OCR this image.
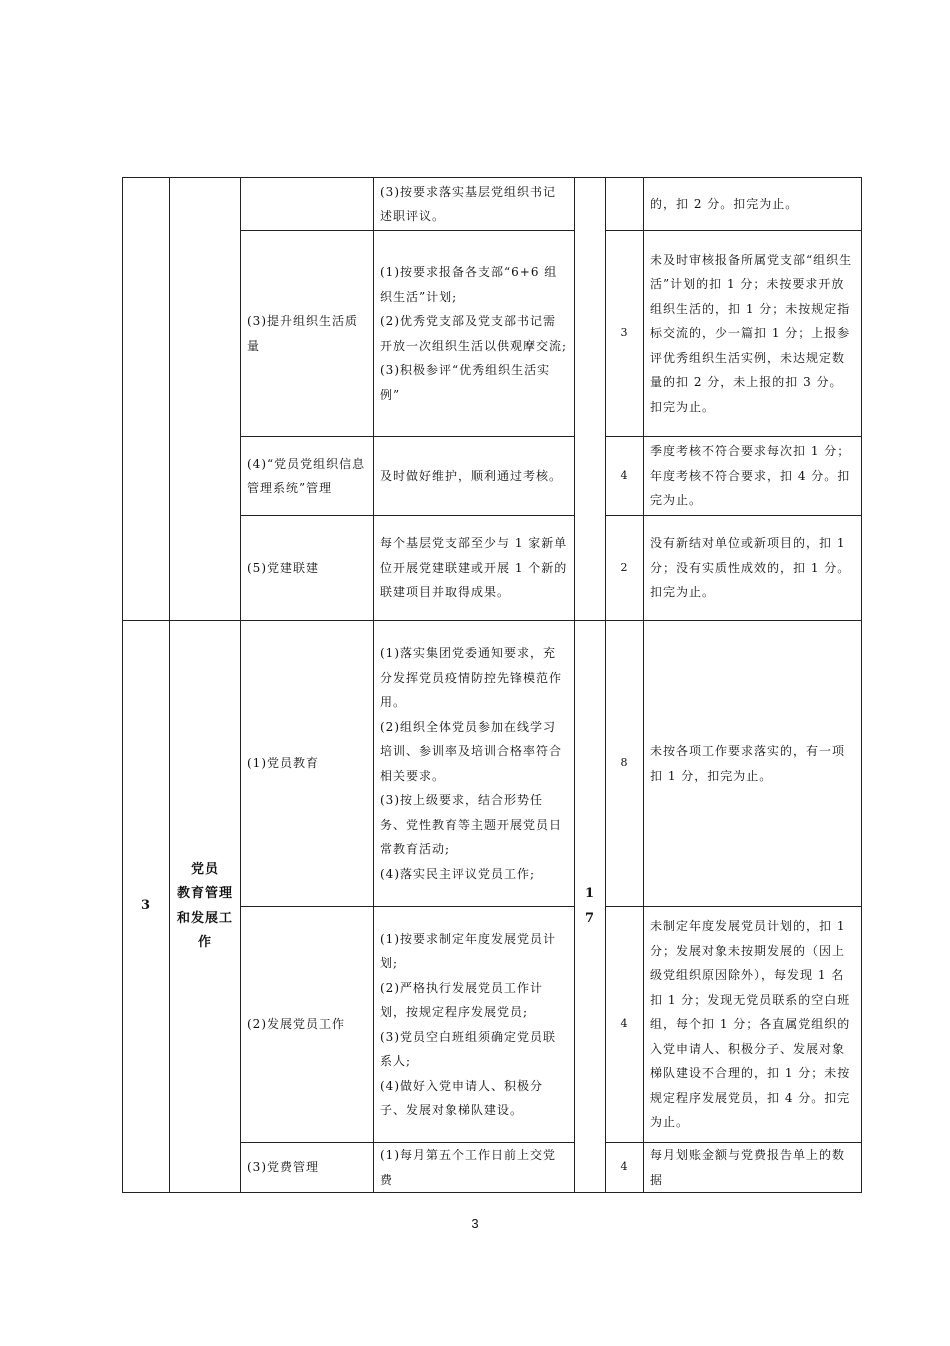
			(3)按要求落实基层党组织书记述职评议。			的，扣 2 分。扣完为止。

		(3)提升组织生活质量	(1)按要求报备各支部“6+6 组织生活”计划;
(2)优秀党支部及党支部书记需开放一次组织生活以供观摩交流;
(3)积极参评“优秀组织生活实例”		3	未及时审核报备所属党支部“组织生活”计划的扣 1 分；未按要求开放组织生活的，扣 1 分；未按规定指标交流的，少一篇扣 1 分；上报参评优秀组织生活实例，未达规定数量的扣 2 分，未上报的扣 3 分。扣完为止。

		(4)“党员党组织信息管理系统”管理	及时做好维护，顺利通过考核。		4	季度考核不符合要求每次扣 1 分；年度考核不符合要求，扣 4 分。扣完为止。

		(5)党建联建	每个基层党支部至少与 1 家新单位开展党建联建或开展 1 个新的联建项目并取得成果。		2	没有新结对单位或新项目的，扣 1 分；没有实质性成效的，扣 1 分。扣完为止。

3	党员
教育管理
和发展工
作	(1)党员教育	(1)落实集团党委通知要求，充分发挥党员疫情防控先锋模范作用。
(2)组织全体党员参加在线学习培训、参训率及培训合格率符合相关要求。
(3)按上级要求，结合形势任务、党性教育等主题开展党员日常教育活动;
(4)落实民主评议党员工作;	17	8	未按各项工作要求落实的，有一项扣 1 分，扣完为止。

		(2)发展党员工作	(1)按要求制定年度发展党员计划;
(2)严格执行发展党员工作计划，按规定程序发展党员;
(3)党员空白班组须确定党员联系人;
(4)做好入党申请人、积极分子、发展对象梯队建设。		4	未制定年度发展党员计划的，扣 1 分；发展对象未按期发展的（因上级党组织原因除外），每发现 1 名扣 1 分；发现无党员联系的空白班组，每个扣 1 分；各直属党组织的入党申请人、积极分子、发展对象梯队建设不合理的，扣 1 分；未按规定程序发展党员，扣 4 分。扣完为止。

		(3)党费管理	(1)每月第五个工作日前上交党费		4	每月划账金额与党费报告单上的数据
3
